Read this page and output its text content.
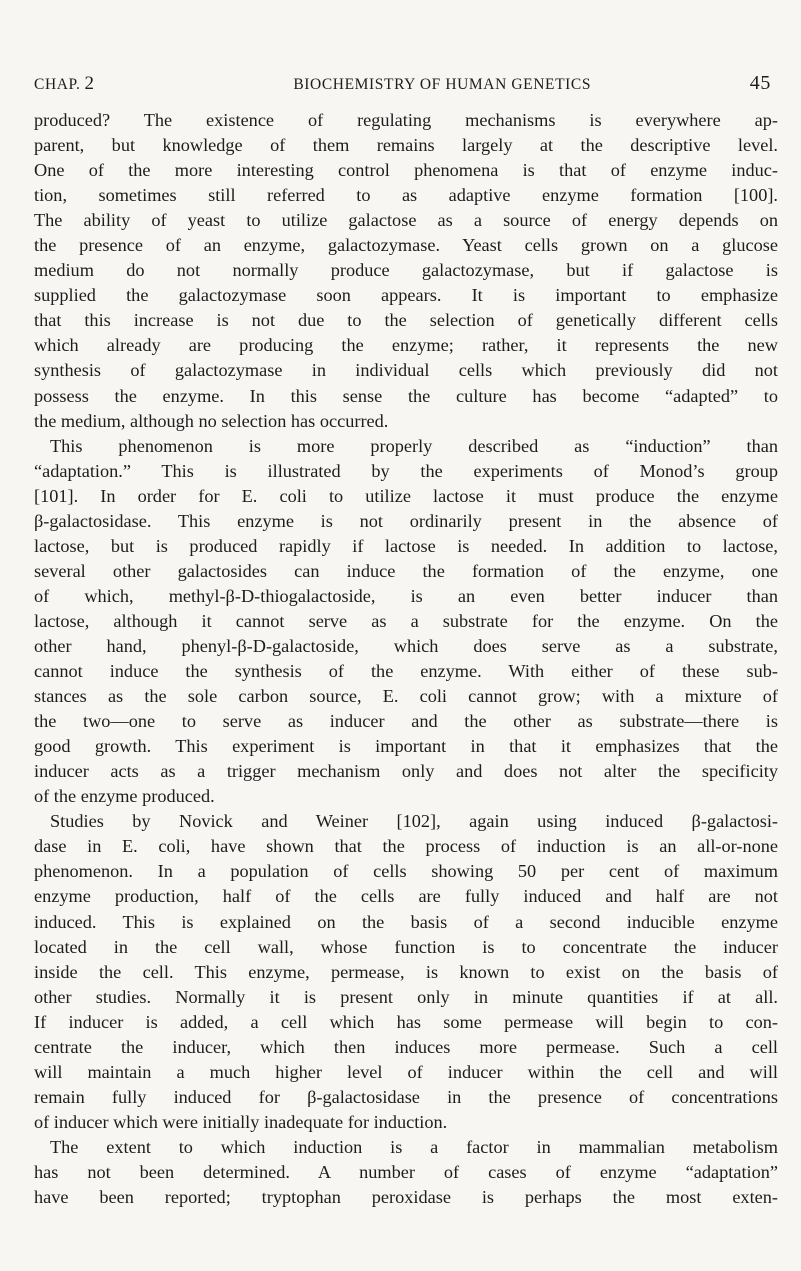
CHAP. 2	BIOCHEMISTRY OF HUMAN GENETICS	45
produced? The existence of regulating mechanisms is everywhere ap-
parent, but knowledge of them remains largely at the descriptive level.
One of the more interesting control phenomena is that of enzyme induc-
tion, sometimes still referred to as adaptive enzyme formation [100].
The ability of yeast to utilize galactose as a source of energy depends on
the presence of an enzyme, galactozymase. Yeast cells grown on a glucose
medium do not normally produce galactozymase, but if galactose is
supplied the galactozymase soon appears. It is important to emphasize
that this increase is not due to the selection of genetically different cells
which already are producing the enzyme; rather, it represents the new
synthesis of galactozymase in individual cells which previously did not
possess the enzyme. In this sense the culture has become “adapted” to
the medium, although no selection has occurred.
This phenomenon is more properly described as “induction” than
“adaptation.” This is illustrated by the experiments of Monod’s group
[101]. In order for E. coli to utilize lactose it must produce the enzyme
β-galactosidase. This enzyme is not ordinarily present in the absence of
lactose, but is produced rapidly if lactose is needed. In addition to lactose,
several other galactosides can induce the formation of the enzyme, one
of which, methyl-β-D-thiogalactoside, is an even better inducer than
lactose, although it cannot serve as a substrate for the enzyme. On the
other hand, phenyl-β-D-galactoside, which does serve as a substrate,
cannot induce the synthesis of the enzyme. With either of these sub-
stances as the sole carbon source, E. coli cannot grow; with a mixture of
the two—one to serve as inducer and the other as substrate—there is
good growth. This experiment is important in that it emphasizes that the
inducer acts as a trigger mechanism only and does not alter the specificity
of the enzyme produced.
Studies by Novick and Weiner [102], again using induced β-galactosi-
dase in E. coli, have shown that the process of induction is an all-or-none
phenomenon. In a population of cells showing 50 per cent of maximum
enzyme production, half of the cells are fully induced and half are not
induced. This is explained on the basis of a second inducible enzyme
located in the cell wall, whose function is to concentrate the inducer
inside the cell. This enzyme, permease, is known to exist on the basis of
other studies. Normally it is present only in minute quantities if at all.
If inducer is added, a cell which has some permease will begin to con-
centrate the inducer, which then induces more permease. Such a cell
will maintain a much higher level of inducer within the cell and will
remain fully induced for β-galactosidase in the presence of concentrations
of inducer which were initially inadequate for induction.
The extent to which induction is a factor in mammalian metabolism
has not been determined. A number of cases of enzyme “adaptation”
have been reported; tryptophan peroxidase is perhaps the most exten-
